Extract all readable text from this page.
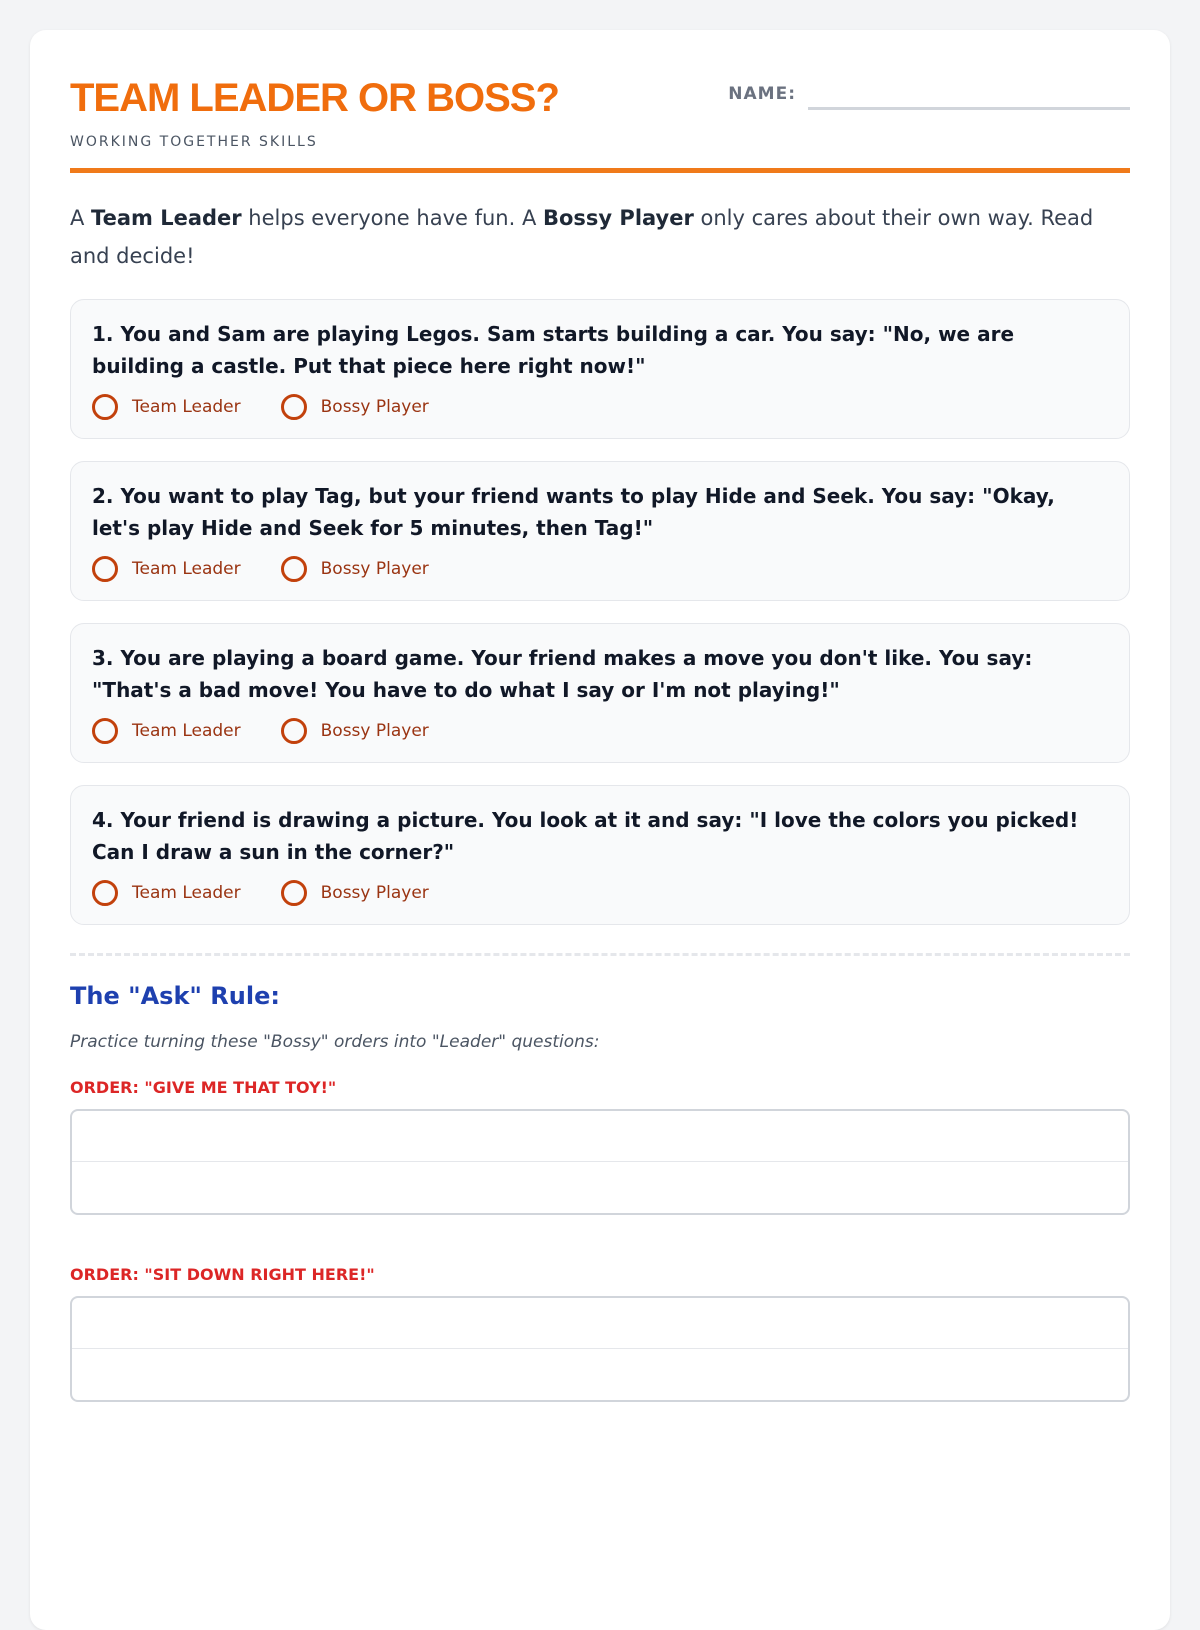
TEAM LEADER OR BOSS?
WORKING TOGETHER SKILLS
NAME:

A Team Leader helps everyone have fun. A Bossy Player only cares about their own way. Read and decide!

1. You and Sam are playing Legos. Sam starts building a car. You say: "No, we are building a castle. Put that piece here right now!"
Team Leader	Bossy Player
2. You want to play Tag, but your friend wants to play Hide and Seek. You say: "Okay, let's play Hide and Seek for 5 minutes, then Tag!"
Team Leader	Bossy Player
3. You are playing a board game. Your friend makes a move you don't like. You say: "That's a bad move! You have to do what I say or I'm not playing!"
Team Leader	Bossy Player
4. Your friend is drawing a picture. You look at it and say: "I love the colors you picked! Can I draw a sun in the corner?"
Team Leader	Bossy Player
The "Ask" Rule:
Practice turning these "Bossy" orders into "Leader" questions:
ORDER: "GIVE ME THAT TOY!"
ORDER: "SIT DOWN RIGHT HERE!"
